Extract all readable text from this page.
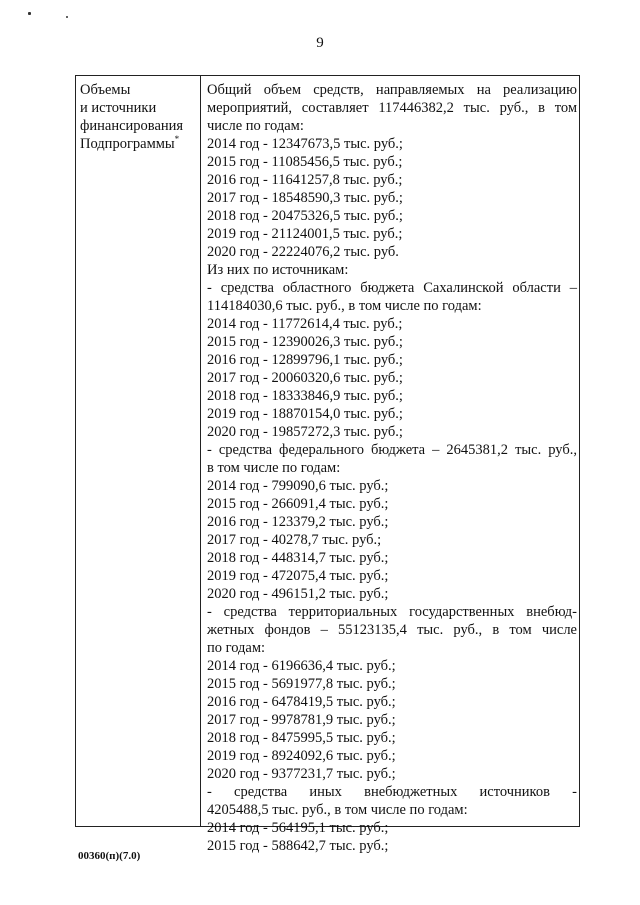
9
Объемы
и источники
финансирования
Подпрограммы*
Общий объем средств, направляемых на реализацию
мероприятий, составляет 117446382,2 тыс. руб., в том
числе по годам:
2014 год - 12347673,5 тыс. руб.;
2015 год - 11085456,5 тыс. руб.;
2016 год - 11641257,8 тыс. руб.;
2017 год - 18548590,3 тыс. руб.;
2018 год - 20475326,5 тыс. руб.;
2019 год - 21124001,5 тыс. руб.;
2020 год - 22224076,2 тыс. руб.
Из них по источникам:
- средства областного бюджета Сахалинской области –
114184030,6 тыс. руб., в том числе по годам:
2014 год - 11772614,4 тыс. руб.;
2015 год - 12390026,3 тыс. руб.;
2016 год - 12899796,1 тыс. руб.;
2017 год - 20060320,6 тыс. руб.;
2018 год - 18333846,9 тыс. руб.;
2019 год - 18870154,0 тыс. руб.;
2020 год - 19857272,3 тыс. руб.;
- средства федерального бюджета – 2645381,2 тыс. руб.,
в том числе по годам:
2014 год - 799090,6 тыс. руб.;
2015 год - 266091,4 тыс. руб.;
2016 год - 123379,2 тыс. руб.;
2017 год - 40278,7 тыс. руб.;
2018 год - 448314,7 тыс. руб.;
2019 год - 472075,4 тыс. руб.;
2020 год - 496151,2 тыс. руб.;
- средства территориальных государственных внебюд-
жетных фондов – 55123135,4 тыс. руб., в том числе
по годам:
2014 год - 6196636,4 тыс. руб.;
2015 год - 5691977,8 тыс. руб.;
2016 год - 6478419,5 тыс. руб.;
2017 год - 9978781,9 тыс. руб.;
2018 год - 8475995,5 тыс. руб.;
2019 год - 8924092,6 тыс. руб.;
2020 год - 9377231,7 тыс. руб.;
- средства иных внебюджетных источников -
4205488,5 тыс. руб., в том числе по годам:
2014 год - 564195,1 тыс. руб.;
2015 год - 588642,7 тыс. руб.;
00360(п)(7.0)
